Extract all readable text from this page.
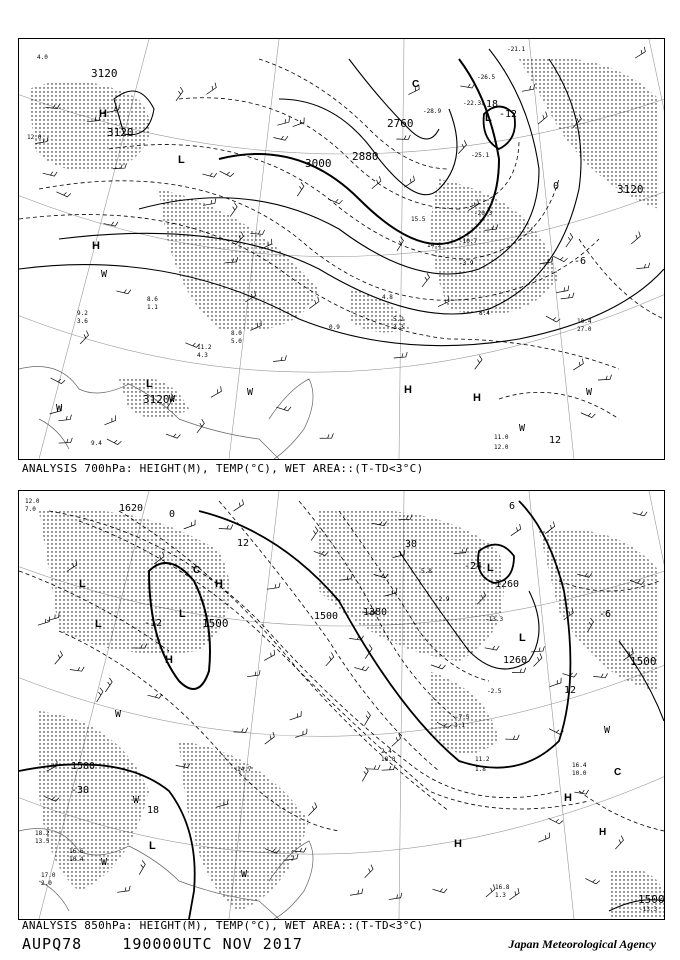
3120
3120
3120
3120
3000
2880
2760
-18
-12
0
12
-6
H
H
H
H
L
L
L
C
W
W
W
W
W
W
-26.5
-21.1
-22.3
-28.9
-25.1
-20.3
-10.7
-3.9
8.4
10.4
11.0
12.0
27.0
5.2
3.3
4.8
0.9
9.4
11.2
4.3
8.6
1.1
9.2
3.6
8.0
5.0
4.0
12.0
14.2
15.5
ANALYSIS 700hPa: HEIGHT(M), TEMP(°C), WET AREA::(T-TD<3°C)
1620
1500
1500
1500
1260
1260
1380
1500
1500
-30
0
12
18
-12
-24
12
-6
30
6
H
H
H
H
H
L
L
L
L
L
L
C
C
W
W
W
W
W
12.0
7.0
16.4
10.0
16.8
1.3
18.2
13.5
16.6
10.4
17.0
2.0
-13.3
-7.5
1.8
2.4
18.0
-2.5
11.2
3.1
-2.9
5.8
14.7
-13.3
ANALYSIS 850hPa: HEIGHT(M), TEMP(°C), WET AREA::(T-TD<3°C)
AUPQ78	190000UTC NOV 2017	Japan Meteorological Agency
